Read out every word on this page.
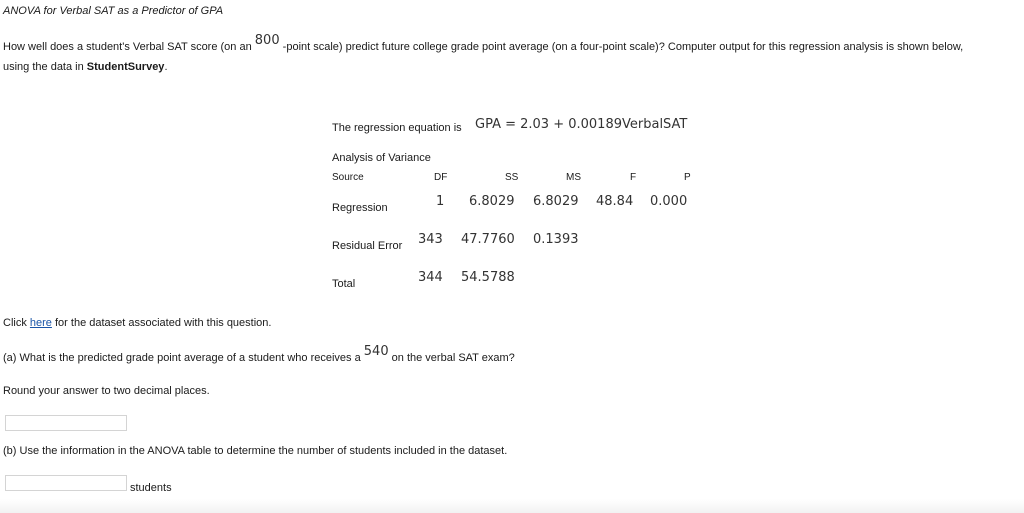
ANOVA for Verbal SAT as a Predictor of GPA
How well does a student's Verbal SAT score (on an 800 -point scale) predict future college grade point average (on a four-point scale)? Computer output for this regression analysis is shown below,
using the data in StudentSurvey.
The regression equation is GPA = 2.03 + 0.00189VerbalSAT
Analysis of Variance
Source	DF	SS	MS	F	P
Regression	1 6.8029 6.8029 48.84 0.000
Residual Error 343 47.7760 0.1393
Total	344 54.5788
Click here for the dataset associated with this question.
(a) What is the predicted grade point average of a student who receives a 540 on the verbal SAT exam?
Round your answer to two decimal places.
(b) Use the information in the ANOVA table to determine the number of students included in the dataset.
students
